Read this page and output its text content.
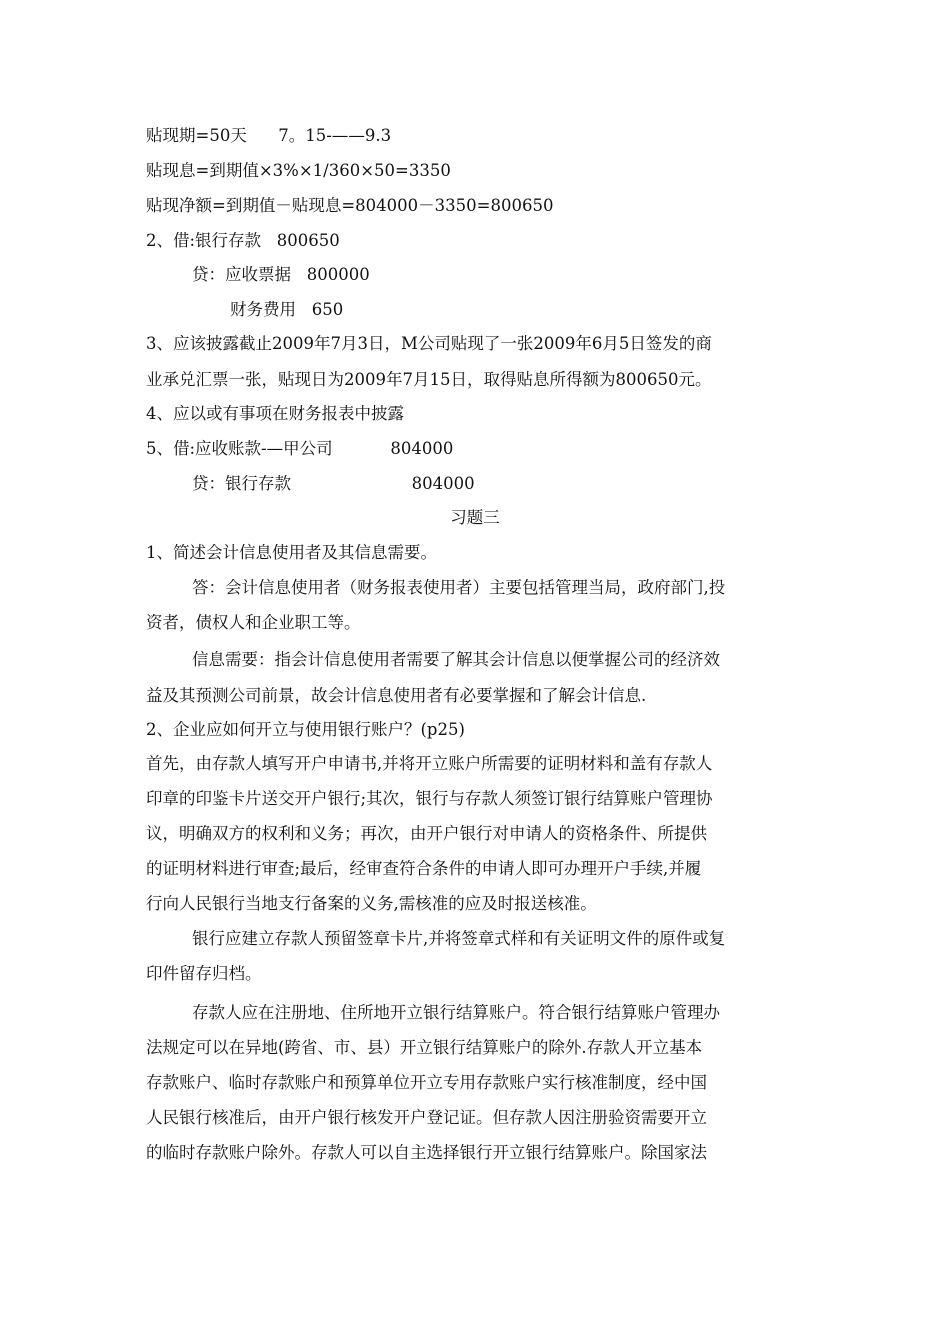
贴现期=50天      7。15-——9.3
贴现息=到期值×3%×1/360×50=3350
贴现净额=到期值－贴现息=804000－3350=800650
2、借:银行存款   800650
贷：应收票据   800000
财务费用   650
3、应该披露截止2009年7月3日，M公司贴现了一张2009年6月5日签发的商
业承兑汇票一张，贴现日为2009年7月15日，取得贴息所得额为800650元。
4、应以或有事项在财务报表中披露
5、借:应收账款-—甲公司           804000
贷：银行存款                       804000
习题三
1、简述会计信息使用者及其信息需要。
答：会计信息使用者（财务报表使用者）主要包括管理当局，政府部门,投
资者，债权人和企业职工等。
信息需要：指会计信息使用者需要了解其会计信息以便掌握公司的经济效
益及其预测公司前景，故会计信息使用者有必要掌握和了解会计信息.
2、企业应如何开立与使用银行账户？(p25)
首先，由存款人填写开户申请书,并将开立账户所需要的证明材料和盖有存款人
印章的印鉴卡片送交开户银行;其次，银行与存款人须签订银行结算账户管理协
议，明确双方的权利和义务；再次，由开户银行对申请人的资格条件、所提供
的证明材料进行审查;最后，经审查符合条件的申请人即可办理开户手续,并履
行向人民银行当地支行备案的义务,需核准的应及时报送核准。
银行应建立存款人预留签章卡片,并将签章式样和有关证明文件的原件或复
印件留存归档。
存款人应在注册地、住所地开立银行结算账户。符合银行结算账户管理办
法规定可以在异地(跨省、市、县）开立银行结算账户的除外.存款人开立基本
存款账户、临时存款账户和预算单位开立专用存款账户实行核准制度，经中国
人民银行核准后，由开户银行核发开户登记证。但存款人因注册验资需要开立
的临时存款账户除外。存款人可以自主选择银行开立银行结算账户。除国家法
